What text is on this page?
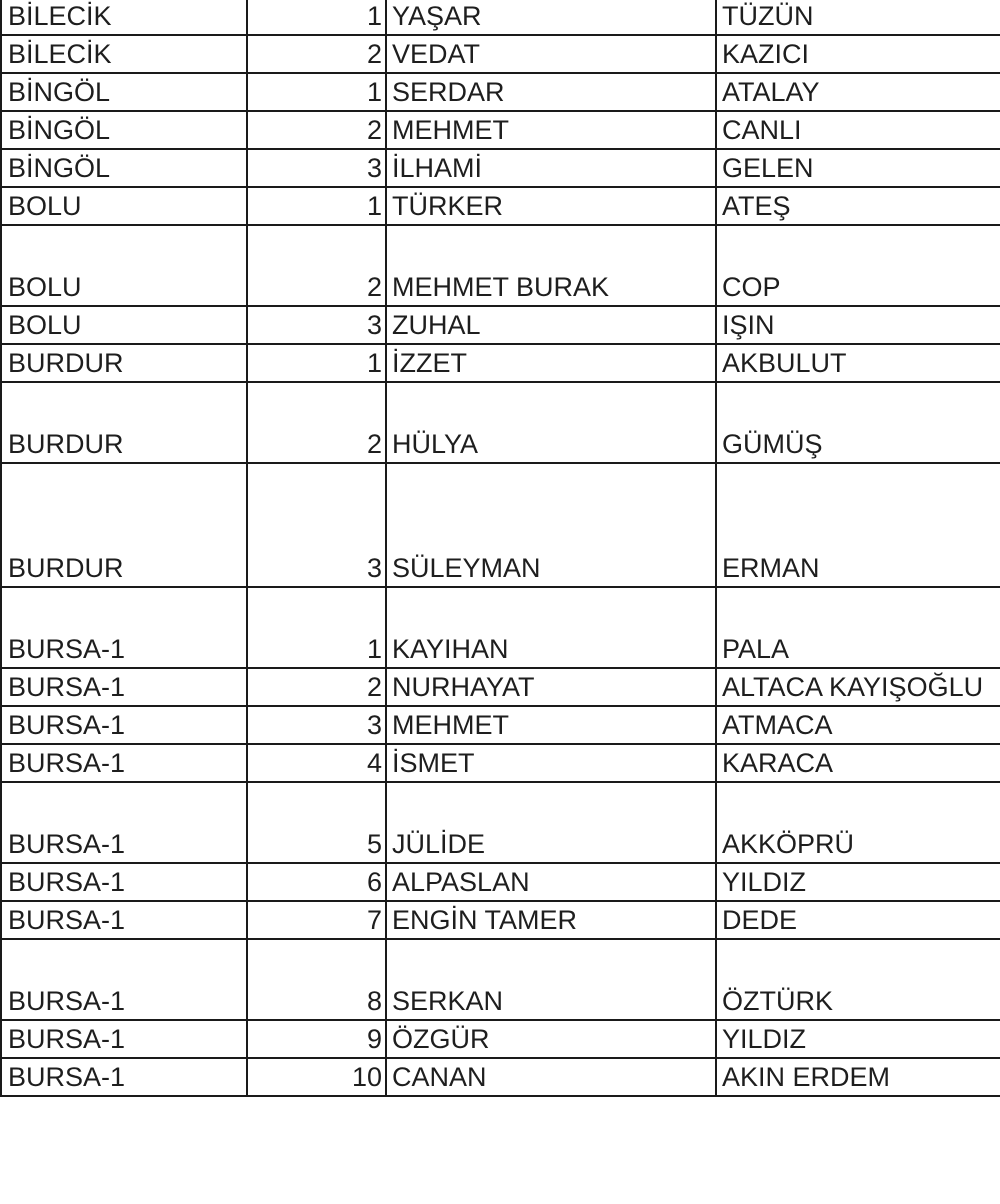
BİLECİK	1	YAŞAR	TÜZÜN
BİLECİK	2	VEDAT	KAZICI
BİNGÖL	1	SERDAR	ATALAY
BİNGÖL	2	MEHMET	CANLI
BİNGÖL	3	İLHAMİ	GELEN
BOLU	1	TÜRKER	ATEŞ
BOLU	2	MEHMET BURAK	COP
BOLU	3	ZUHAL	IŞIN
BURDUR	1	İZZET	AKBULUT
BURDUR	2	HÜLYA	GÜMÜŞ
BURDUR	3	SÜLEYMAN	ERMAN
BURSA-1	1	KAYIHAN	PALA
BURSA-1	2	NURHAYAT	ALTACA KAYIŞOĞLU
BURSA-1	3	MEHMET	ATMACA
BURSA-1	4	İSMET	KARACA
BURSA-1	5	JÜLİDE	AKKÖPRÜ
BURSA-1	6	ALPASLAN	YILDIZ
BURSA-1	7	ENGİN TAMER	DEDE
BURSA-1	8	SERKAN	ÖZTÜRK
BURSA-1	9	ÖZGÜR	YILDIZ
BURSA-1	10	CANAN	AKIN ERDEM
